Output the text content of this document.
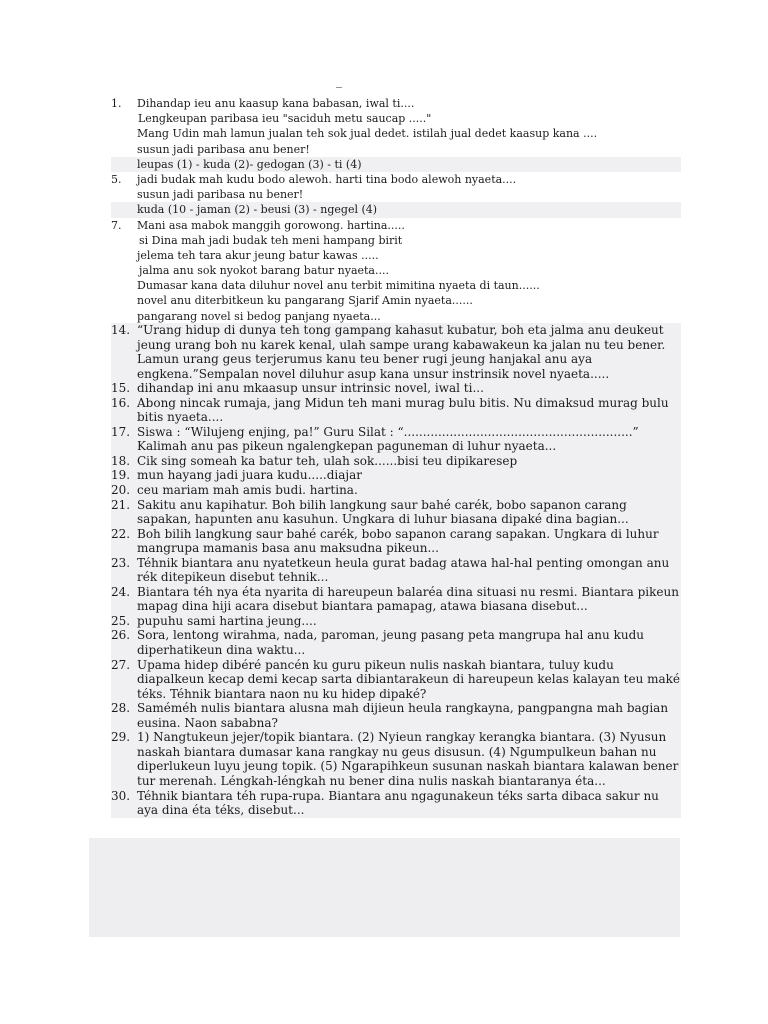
_
1. Dihandap ieu anu kaasup kana babasan, iwal ti....
Lengkeupan paribasa ieu "saciduh metu saucap ....."
Mang Udin mah lamun jualan teh sok jual dedet. istilah jual dedet kaasup kana ....
susun jadi paribasa anu bener!
leupas (1) - kuda (2)- gedogan (3) - ti (4)
5. jadi budak mah kudu bodo alewoh. harti tina bodo alewoh nyaeta....
susun jadi paribasa nu bener!
kuda (10 - jaman (2) - beusi (3) - ngegel (4)
7. Mani asa mabok manggih gorowong. hartina.....
si Dina mah jadi budak teh meni hampang birit
jelema teh tara akur jeung batur kawas .....
jalma anu sok nyokot barang batur nyaeta....
Dumasar kana data diluhur novel anu terbit mimitina nyaeta di taun......
novel anu diterbitkeun ku pangarang Sjarif Amin nyaeta......
pangarang novel si bedog panjang nyaeta...
14. “Urang hidup di dunya teh tong gampang kahasut kubatur, boh eta jalma anu deukeut jeung urang boh nu karek kenal, ulah sampe urang kabawakeun ka jalan nu teu bener. Lamun urang geus terjerumus kanu teu bener rugi jeung hanjakal anu aya engkena.”Sempalan novel diluhur asup kana unsur instrinsik novel nyaeta.....
15. dihandap ini anu mkaasup unsur intrinsic novel, iwal ti...
16. Abong nincak rumaja, jang Midun teh mani murag bulu bitis. Nu dimaksud murag bulu bitis nyaeta....
17. Siswa : “Wilujeng enjing, pa!” Guru Silat : “............................................................” Kalimah anu pas pikeun ngalengkepan paguneman di luhur nyaeta...
18. Cik sing someah ka batur teh, ulah sok......bisi teu dipikaresep
19. mun hayang jadi juara kudu.....diajar
20. ceu mariam mah amis budi. hartina.
21. Sakitu anu kapihatur. Boh bilih langkung saur bahé carék, bobo sapanon carang sapakan, hapunten anu kasuhun. Ungkara di luhur biasana dipaké dina bagian...
22. Boh bilih langkung saur bahé carék, bobo sapanon carang sapakan. Ungkara di luhur mangrupa mamanis basa anu maksudna pikeun...
23. Téhnik biantara anu nyatetkeun heula gurat badag atawa hal-hal penting omongan anu rék ditepikeun disebut tehnik...
24. Biantara téh nya éta nyarita di hareupeun balaréa dina situasi nu resmi. Biantara pikeun mapag dina hiji acara disebut biantara pamapag, atawa biasana disebut...
25. pupuhu sami hartina jeung....
26. Sora, lentong wirahma, nada, paroman, jeung pasang peta mangrupa hal anu kudu diperhatikeun dina waktu...
27. Upama hidep dibéré pancén ku guru pikeun nulis naskah biantara, tuluy kudu diapalkeun kecap demi kecap sarta dibiantarakeun di hareupeun kelas kalayan teu maké téks. Téhnik biantara naon nu ku hidep dipaké?
28. Saméméh nulis biantara alusna mah dijieun heula rangkayna, pangpangna mah bagian eusina. Naon sababna?
29. 1) Nangtukeun jejer/topik biantara. (2) Nyieun rangkay kerangka biantara. (3) Nyusun naskah biantara dumasar kana rangkay nu geus disusun. (4) Ngumpulkeun bahan nu diperlukeun luyu jeung topik. (5) Ngarapihkeun susunan naskah biantara kalawan bener tur merenah. Léngkah-léngkah nu bener dina nulis naskah biantaranya éta...
30. Téhnik biantara téh rupa-rupa. Biantara anu ngagunakeun téks sarta dibaca sakur nu aya dina éta téks, disebut...
